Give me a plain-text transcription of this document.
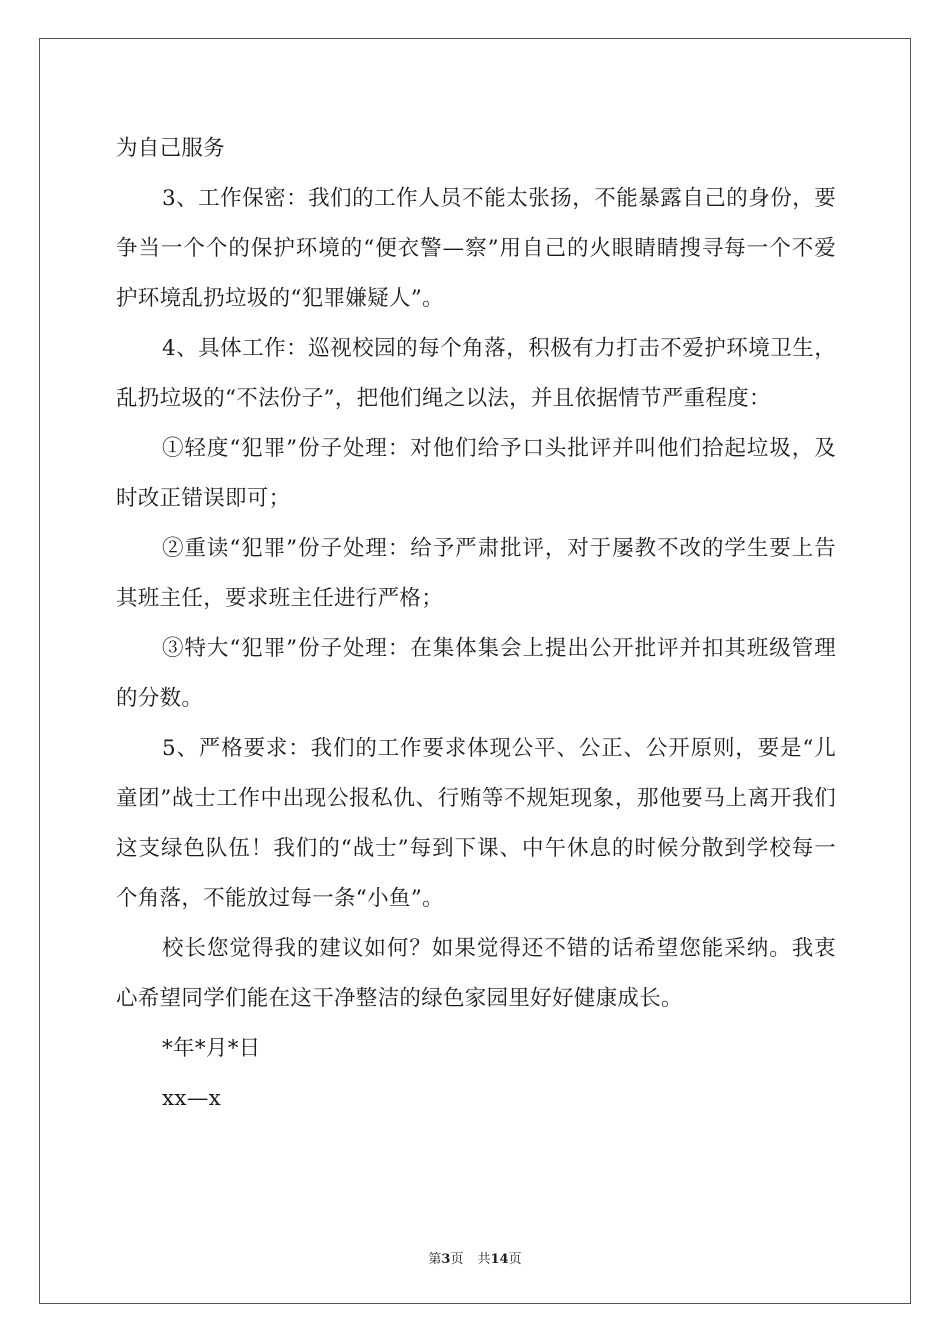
为自己服务

3、工作保密：我们的工作人员不能太张扬，不能暴露自己的身份，要争当一个个的保护环境的“便衣警—察”用自己的火眼睛睛搜寻每一个不爱护环境乱扔垃圾的“犯罪嫌疑人”。

4、具体工作：巡视校园的每个角落，积极有力打击不爱护环境卫生，乱扔垃圾的“不法份子”，把他们绳之以法，并且依据情节严重程度：

①轻度“犯罪”份子处理：对他们给予口头批评并叫他们拾起垃圾，及时改正错误即可；

②重读“犯罪”份子处理：给予严肃批评，对于屡教不改的学生要上告其班主任，要求班主任进行严格；

③特大“犯罪”份子处理：在集体集会上提出公开批评并扣其班级管理的分数。

5、严格要求：我们的工作要求体现公平、公正、公开原则，要是“儿童团”战士工作中出现公报私仇、行贿等不规矩现象，那他要马上离开我们这支绿色队伍！我们的“战士”每到下课、中午休息的时候分散到学校每一个角落，不能放过每一条“小鱼”。

校长您觉得我的建议如何？如果觉得还不错的话希望您能采纳。我衷心希望同学们能在这干净整洁的绿色家园里好好健康成长。

*年*月*日

xx—x

第3页 共14页
